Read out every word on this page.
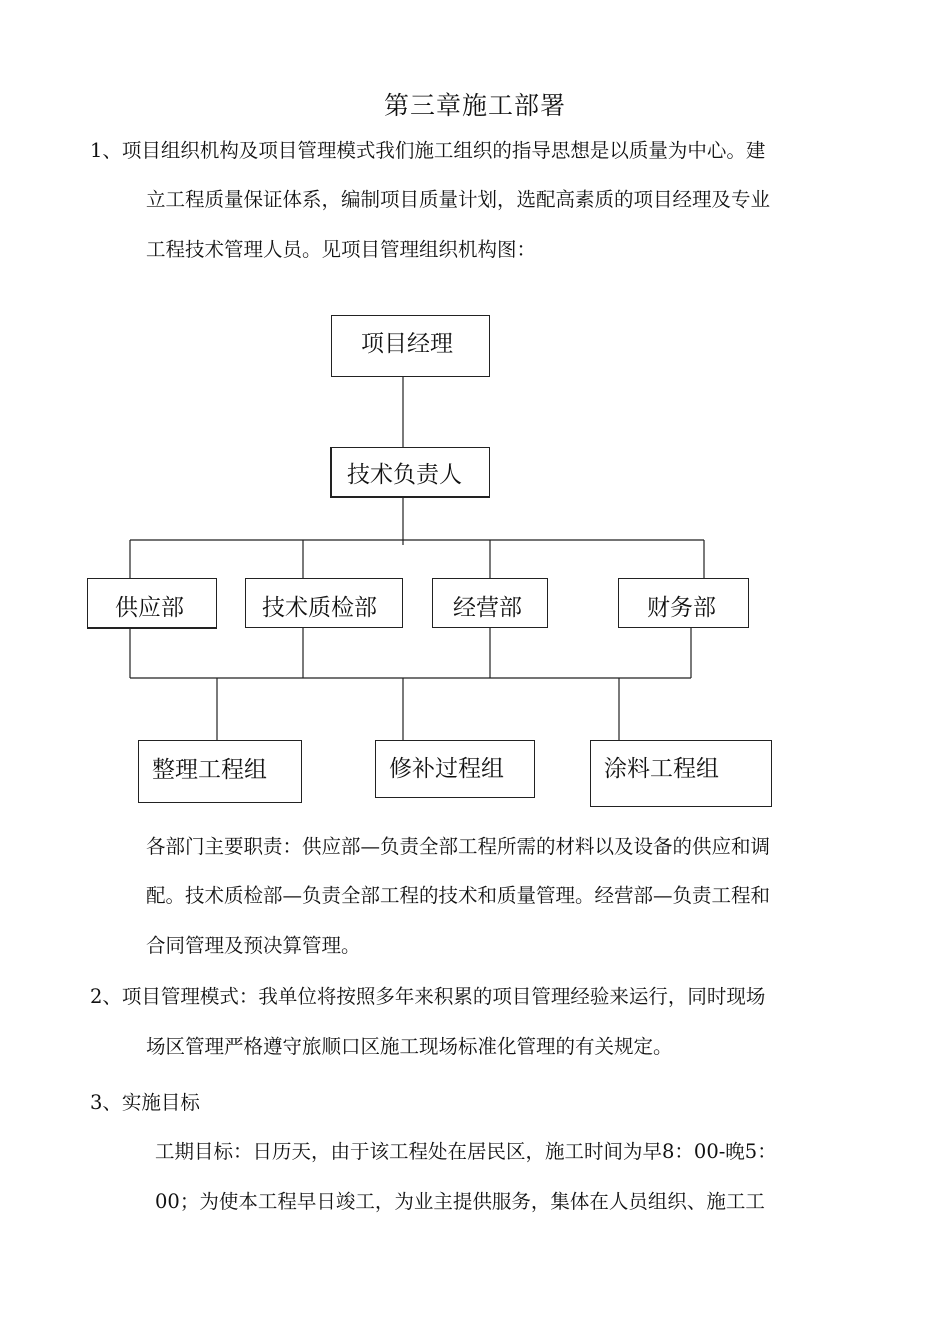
第三章施工部署
1、项目组织机构及项目管理模式我们施工组织的指导思想是以质量为中心。建
立工程质量保证体系，编制项目质量计划，选配高素质的项目经理及专业
工程技术管理人员。见项目管理组织机构图：
项目经理
技术负责人
供应部	技术质检部	经营部	财务部
整理工程组	修补过程组	涂料工程组
各部门主要职责：供应部—负责全部工程所需的材料以及设备的供应和调
配。技术质检部—负责全部工程的技术和质量管理。经营部—负责工程和
合同管理及预决算管理。
2、项目管理模式：我单位将按照多年来积累的项目管理经验来运行，同时现场
场区管理严格遵守旅顺口区施工现场标准化管理的有关规定。
3、实施目标
工期目标：日历天，由于该工程处在居民区，施工时间为早8：00-晚5：
00；为使本工程早日竣工，为业主提供服务，集体在人员组织、施工工
